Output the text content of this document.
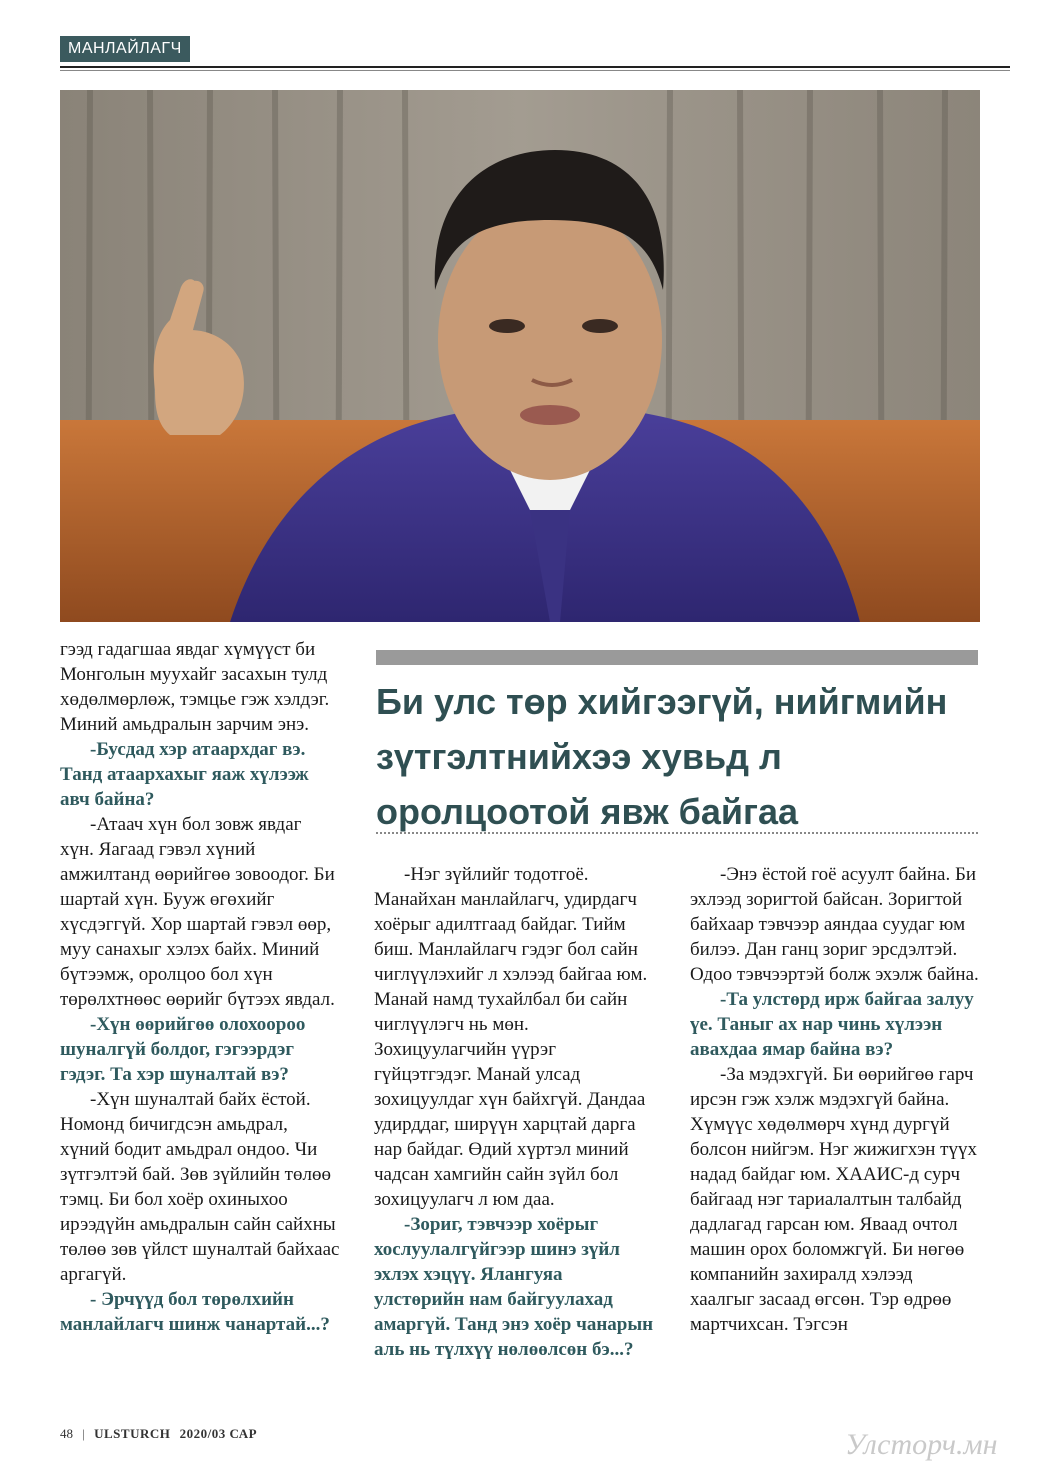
МАНЛАЙЛАГЧ
Би улс төр хийгээгүй, нийгмийн зүтгэлтнийхээ хувьд л оролцоотой явж байгаа

гээд гадагшаа явдаг хүмүүст би Монголын муухайг засахын тулд хөдөлмөрлөж, тэмцье гэж хэлдэг. Миний амьдралын зарчим энэ.

-Бусдад хэр атаархдаг вэ. Танд атаархахыг яаж хүлээж авч байна?

-Атаач хүн бол зовж явдаг хүн. Яагаад гэвэл хүний амжилтанд өөрийгөө зовоодог. Би шартай хүн. Бууж өгөхийг хүсдэггүй. Хор шартай гэвэл өөр, муу санахыг хэлэх байх. Миний бүтээмж, оролцоо бол хүн төрөлхтнөөс өөрийг бүтээх явдал.

-Хүн өөрийгөө олохоороо шуналгүй болдог, гэгээрдэг гэдэг. Та хэр шуналтай вэ?

-Хүн шуналтай байх ёстой. Номонд бичигдсэн амьдрал, хүний бодит амьдрал ондоо. Чи зүтгэлтэй бай. Зөв зүйлийн төлөө тэмц. Би бол хоёр охиныхоо ирээдүйн амьдралын сайн сайхны төлөө зөв үйлст шуналтай байхаас аргагүй.

- Эрчүүд бол төрөлхийн манлайлагч шинж чанартай...?

-Нэг зүйлийг тодотгоё. Манайхан манлайлагч, удирдагч хоёрыг адилтгаад байдаг. Тийм биш. Манлайлагч гэдэг бол сайн чиглүүлэхийг л хэлээд байгаа юм. Манай намд тухайлбал би сайн чиглүүлэгч нь мөн. Зохицуулагчийн үүрэг гүйцэтгэдэг. Манай улсад зохицуулдаг хүн байхгүй. Дандаа удирддаг, ширүүн харцтай дарга нар байдаг. Өдий хүртэл миний чадсан хамгийн сайн зүйл бол зохицуулагч л юм даа.

-Зориг, тэвчээр хоёрыг хослуулалгүйгээр шинэ зүйл эхлэх хэцүү. Ялангуяа улстөрийн нам байгуулахад амаргүй. Танд энэ хоёр чанарын аль нь түлхүү нөлөөлсөн бэ...?

-Энэ ёстой гоё асуулт байна. Би эхлээд зоригтой байсан. Зоригтой байхаар тэвчээр аяндаа суудаг юм билээ. Дан ганц зориг эрсдэлтэй. Одоо тэвчээртэй болж эхэлж байна.

-Та улстөрд ирж байгаа залуу үе. Таныг ах нар чинь хүлээн авахдаа ямар байна вэ?

-За мэдэхгүй. Би өөрийгөө гарч ирсэн гэж хэлж мэдэхгүй байна. Хүмүүс хөдөлмөрч хүнд дургүй болсон нийгэм. Нэг жижигхэн түүх надад байдаг юм. ХААИС-д сурч байгаад нэг тариалалтын талбайд дадлагад гарсан юм. Яваад очтол машин орох боломжгүй. Би нөгөө компанийн захиралд хэлээд хаалгыг засаад өгсөн. Тэр өдрөө мартчихсан. Тэгсэн

48 | ULSTURCH 2020/03 САР	Улсторч.мн
